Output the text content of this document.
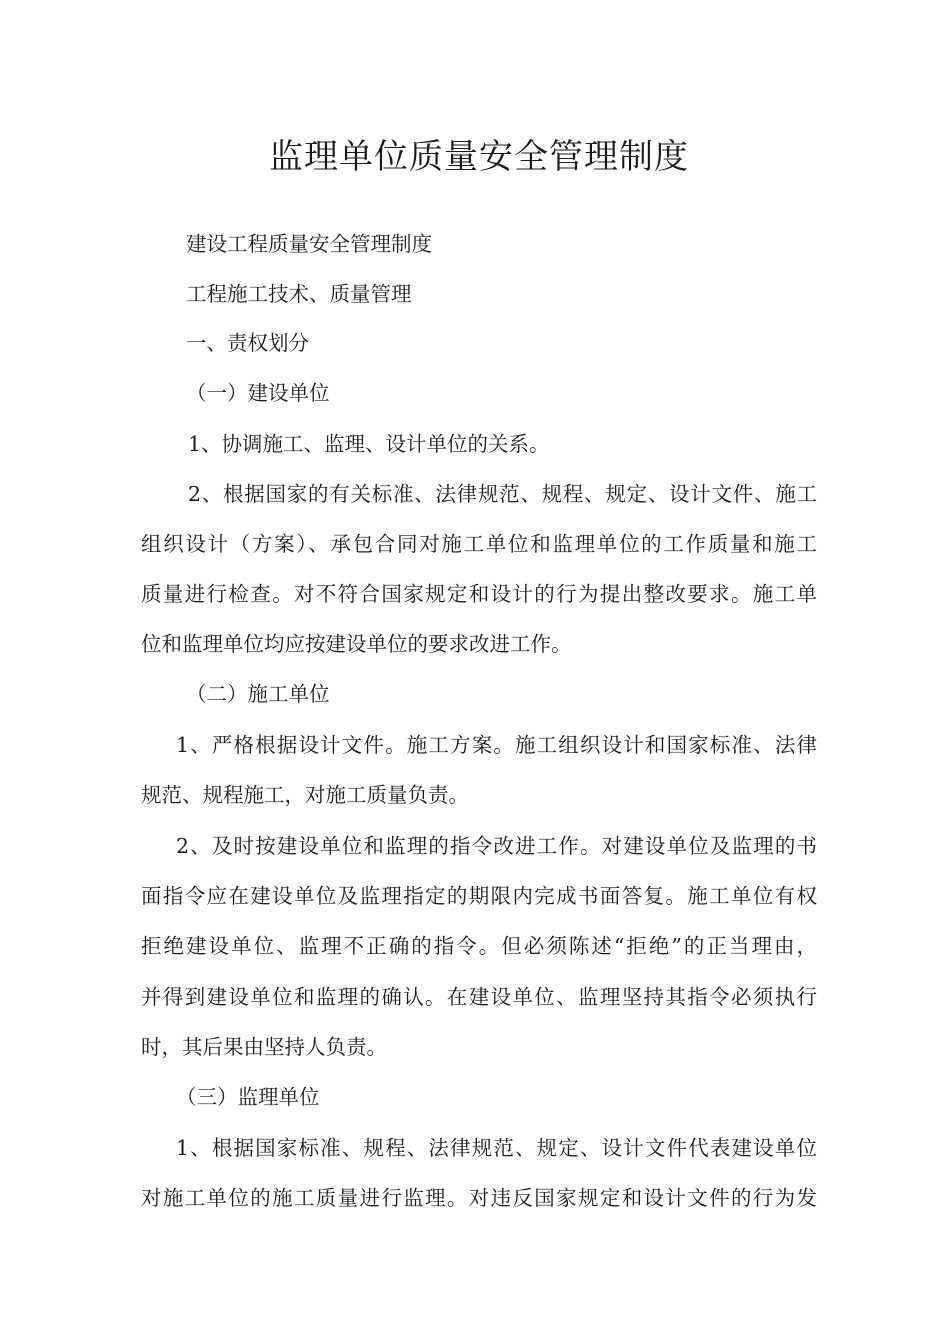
监理单位质量安全管理制度
建设工程质量安全管理制度
工程施工技术、质量管理
一、责权划分
（一）建设单位
1、协调施工、监理、设计单位的关系。
2、根据国家的有关标准、法律规范、规程、规定、设计文件、施工
组织设计（方案）、承包合同对施工单位和监理单位的工作质量和施工
质量进行检查。对不符合国家规定和设计的行为提出整改要求。施工单
位和监理单位均应按建设单位的要求改进工作。
（二）施工单位
1、严格根据设计文件。施工方案。施工组织设计和国家标准、法律
规范、规程施工，对施工质量负责。
2、及时按建设单位和监理的指令改进工作。对建设单位及监理的书
面指令应在建设单位及监理指定的期限内完成书面答复。施工单位有权
拒绝建设单位、监理不正确的指令。但必须陈述“拒绝”的正当理由，
并得到建设单位和监理的确认。在建设单位、监理坚持其指令必须执行
时，其后果由坚持人负责。
（三）监理单位
1、根据国家标准、规程、法律规范、规定、设计文件代表建设单位
对施工单位的施工质量进行监理。对违反国家规定和设计文件的行为发
